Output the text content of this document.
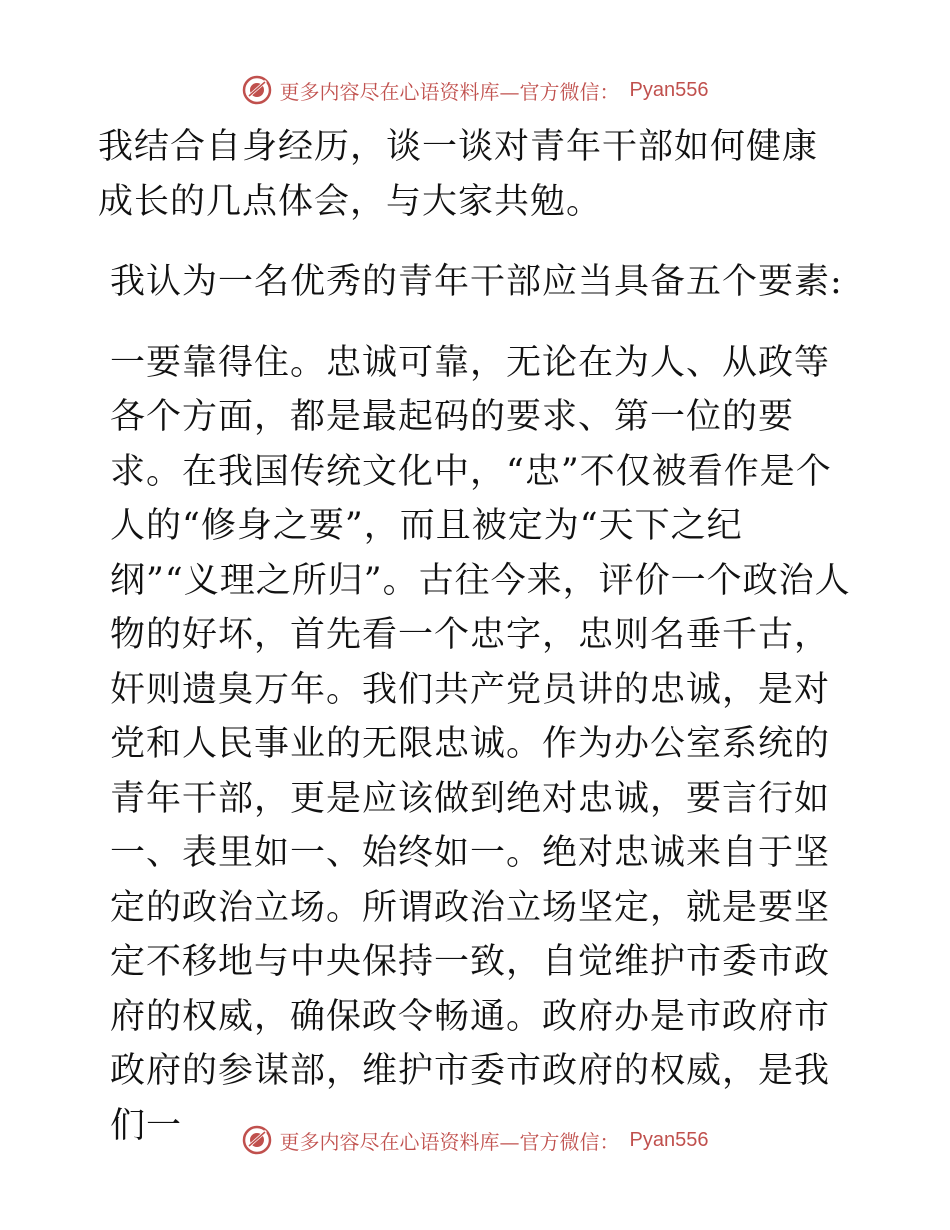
更多内容尽在心语资料库—官方微信： Pyan556

我结合自身经历，谈一谈对青年干部如何健康成长的几点体会，与大家共勉。

我认为一名优秀的青年干部应当具备五个要素:

一要靠得住。忠诚可靠，无论在为人、从政等各个方面，都是最起码的要求、第一位的要求。在我国传统文化中，“忠”不仅被看作是个人的“修身之要”，而且被定为“天下之纪纲”“义理之所归”。古往今来，评价一个政治人物的好坏，首先看一个忠字，忠则名垂千古，奸则遗臭万年。我们共产党员讲的忠诚，是对党和人民事业的无限忠诚。作为办公室系统的青年干部，更是应该做到绝对忠诚，要言行如一、表里如一、始终如一。绝对忠诚来自于坚定的政治立场。所谓政治立场坚定，就是要坚定不移地与中央保持一致，自觉维护市委市政府的权威，确保政令畅通。政府办是市政府市政府的参谋部，维护市委市政府的权威，是我们一	更多内容尽在心语资料库—官方微信： Pyan556
